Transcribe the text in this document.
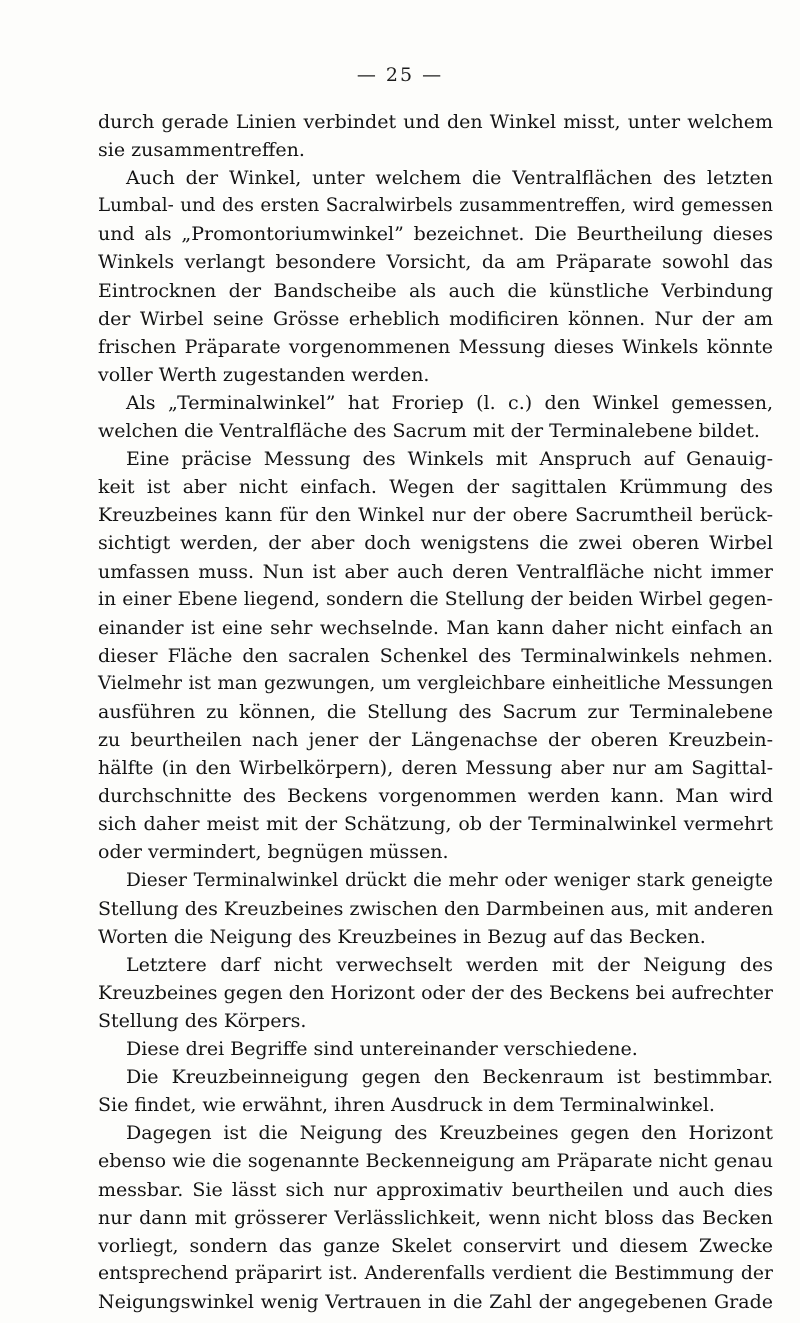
— 25 —
durch gerade Linien verbindet und den Winkel misst, unter welchem
sie zusammentreffen.
Auch der Winkel, unter welchem die Ventralflächen des letzten
Lumbal- und des ersten Sacralwirbels zusammentreffen, wird gemessen
und als „Promontoriumwinkel” bezeichnet. Die Beurtheilung dieses
Winkels verlangt besondere Vorsicht, da am Präparate sowohl das
Eintrocknen der Bandscheibe als auch die künstliche Verbindung
der Wirbel seine Grösse erheblich modificiren können. Nur der am
frischen Präparate vorgenommenen Messung dieses Winkels könnte
voller Werth zugestanden werden.
Als „Terminalwinkel” hat Froriep (l. c.) den Winkel gemessen,
welchen die Ventralfläche des Sacrum mit der Terminalebene bildet.
Eine präcise Messung des Winkels mit Anspruch auf Genauig-
keit ist aber nicht einfach. Wegen der sagittalen Krümmung des
Kreuzbeines kann für den Winkel nur der obere Sacrumtheil berück-
sichtigt werden, der aber doch wenigstens die zwei oberen Wirbel
umfassen muss. Nun ist aber auch deren Ventralfläche nicht immer
in einer Ebene liegend, sondern die Stellung der beiden Wirbel gegen-
einander ist eine sehr wechselnde. Man kann daher nicht einfach an
dieser Fläche den sacralen Schenkel des Terminalwinkels nehmen.
Vielmehr ist man gezwungen, um vergleichbare einheitliche Messungen
ausführen zu können, die Stellung des Sacrum zur Terminalebene
zu beurtheilen nach jener der Längenachse der oberen Kreuzbein-
hälfte (in den Wirbelkörpern), deren Messung aber nur am Sagittal-
durchschnitte des Beckens vorgenommen werden kann. Man wird
sich daher meist mit der Schätzung, ob der Terminalwinkel vermehrt
oder vermindert, begnügen müssen.
Dieser Terminalwinkel drückt die mehr oder weniger stark geneigte
Stellung des Kreuzbeines zwischen den Darmbeinen aus, mit anderen
Worten die Neigung des Kreuzbeines in Bezug auf das Becken.
Letztere darf nicht verwechselt werden mit der Neigung des
Kreuzbeines gegen den Horizont oder der des Beckens bei aufrechter
Stellung des Körpers.
Diese drei Begriffe sind untereinander verschiedene.
Die Kreuzbeinneigung gegen den Beckenraum ist bestimmbar.
Sie findet, wie erwähnt, ihren Ausdruck in dem Terminalwinkel.
Dagegen ist die Neigung des Kreuzbeines gegen den Horizont
ebenso wie die sogenannte Beckenneigung am Präparate nicht genau
messbar. Sie lässt sich nur approximativ beurtheilen und auch dies
nur dann mit grösserer Verlässlichkeit, wenn nicht bloss das Becken
vorliegt, sondern das ganze Skelet conservirt und diesem Zwecke
entsprechend präparirt ist. Anderenfalls verdient die Bestimmung der
Neigungswinkel wenig Vertrauen in die Zahl der angegebenen Grade
